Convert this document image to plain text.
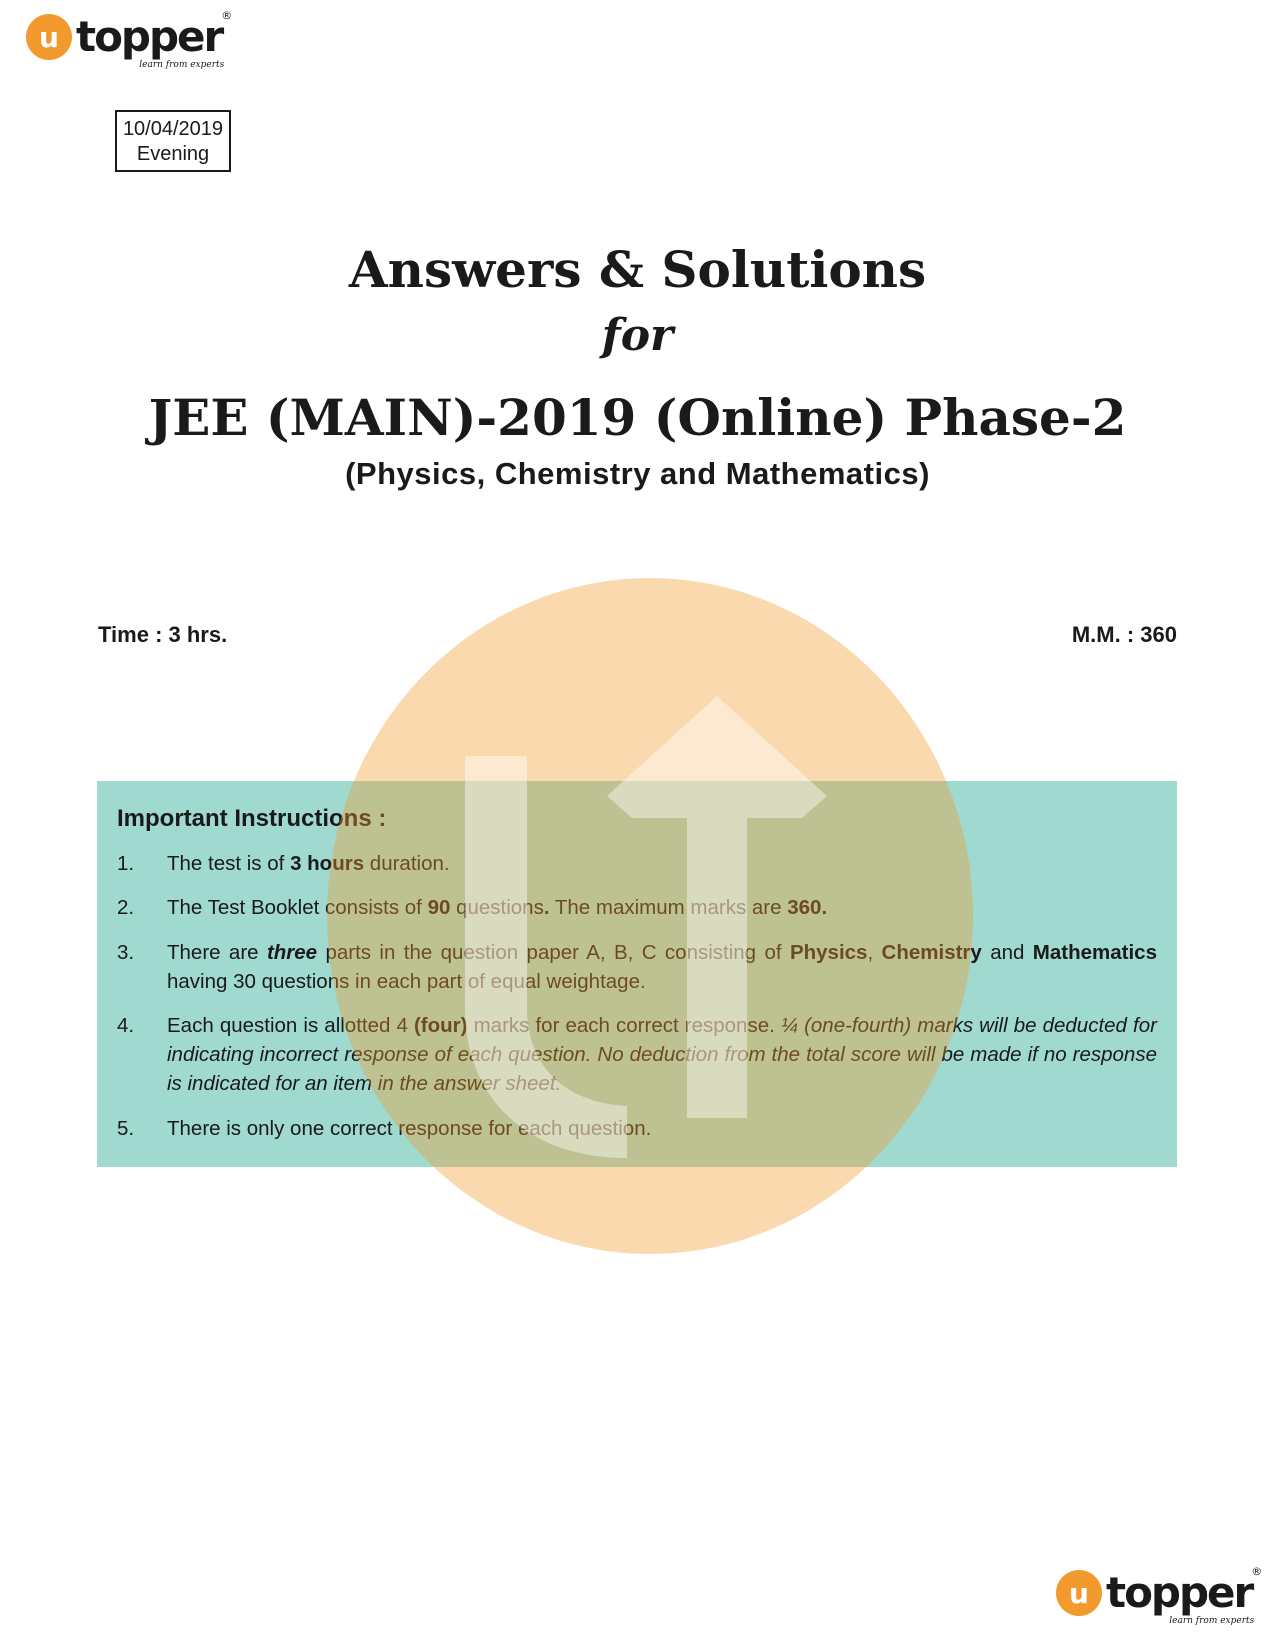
u topper ®
learn from experts
10/04/2019
Evening
Answers & Solutions
for
JEE (MAIN)-2019 (Online) Phase-2
(Physics, Chemistry and Mathematics)
Time : 3 hrs.	M.M. : 360
Important Instructions :
1.	The test is of 3 hours duration.
2.	The Test Booklet consists of 90 questions. The maximum marks are 360.
3.	There are three parts in the question paper A, B, C consisting of Physics, Chemistry and Mathematics having 30 questions in each part of equal weightage.
4.	Each question is allotted 4 (four) marks for each correct response. ¼ (one-fourth) marks will be deducted for indicating incorrect response of each question. No deduction from the total score will be made if no response is indicated for an item in the answer sheet.
5.	There is only one correct response for each question.
u topper ®
learn from experts
